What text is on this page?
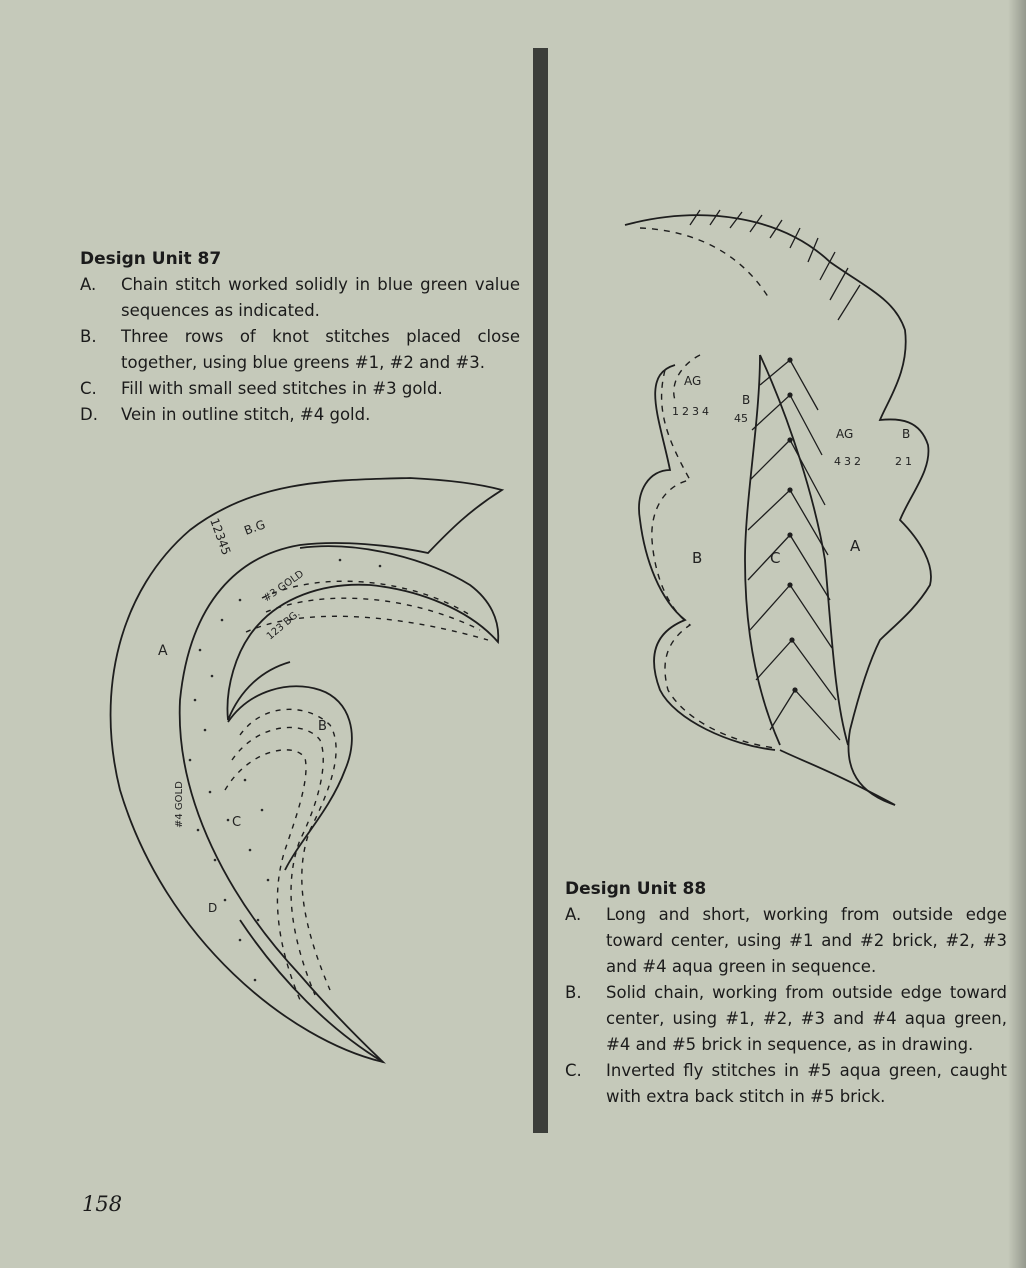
Design Unit 87
A.	Chain stitch worked solidly in blue green value sequences as indicated.
B.	Three rows of knot stitches placed close together, using blue greens #1, #2 and #3.
C.	Fill with small seed stitches in #3 gold.
D.	Vein in outline stitch, #4 gold.
A
B.G
12345
#3 GOLD
123 BG.
B
C
#4 GOLD
D
AG
1234
B
45
AG
432
B
21
B	C
A
Design Unit 88
A.	Long and short, working from outside edge toward center, using #1 and #2 brick, #2, #3 and #4 aqua green in sequence.
B.	Solid chain, working from outside edge toward center, using #1, #2, #3 and #4 aqua green, #4 and #5 brick in sequence, as in drawing.
C.	Inverted fly stitches in #5 aqua green, caught with extra back stitch in #5 brick.
158
